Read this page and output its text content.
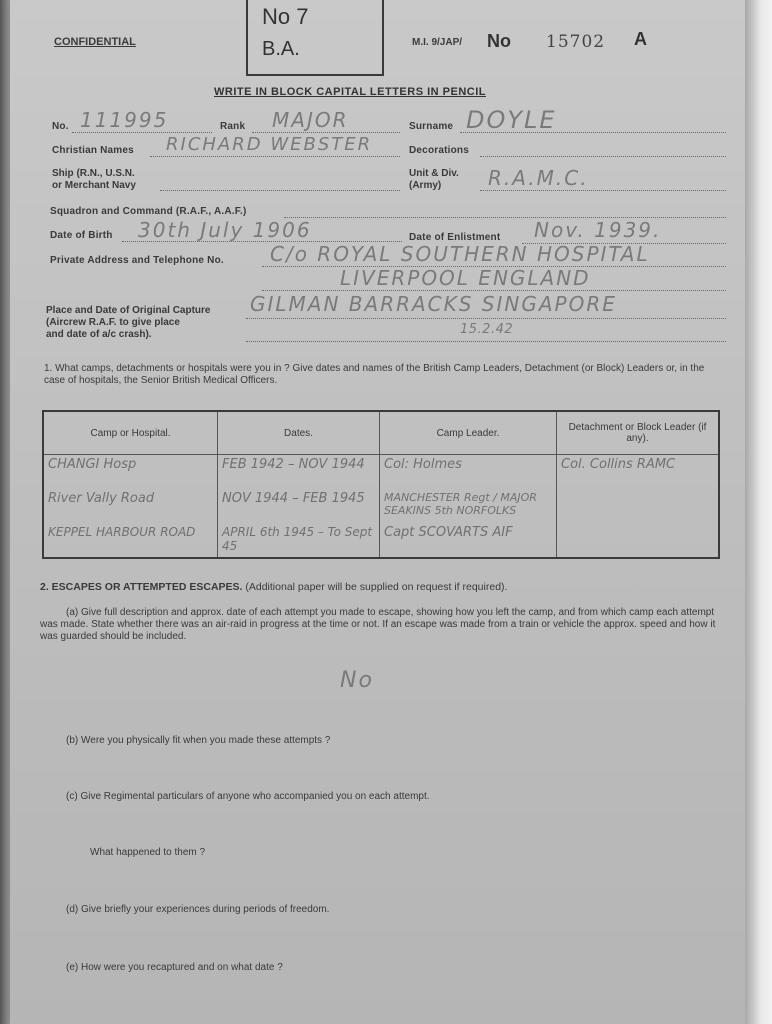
No 7
B.A.
CONFIDENTIAL	M.I. 9/JAP/ No 15702 A
WRITE IN BLOCK CAPITAL LETTERS IN PENCIL
No. 111995	Rank MAJOR	Surname DOYLE
Christian Names RICHARD WEBSTER	Decorations
Ship (R.N., U.S.N.
or Merchant Navy
Unit & Div.
(Army)	R.A.M.C.
Squadron and Command (R.A.F., A.A.F.)
Date of Birth 30th July 1906	Date of Enlistment Nov. 1939.
Private Address and Telephone No. C/o ROYAL SOUTHERN HOSPITAL
LIVERPOOL ENGLAND
Place and Date of Original Capture
(Aircrew R.A.F. to give place
and date of a/c crash).
GILMAN BARRACKS SINGAPORE
15.2.42
1. What camps, detachments or hospitals were you in ? Give dates and names of the British Camp Leaders, Detachment (or Block) Leaders or, in the case of hospitals, the Senior British Medical Officers.
Camp or Hospital.	Dates.	Camp Leader.	Detachment or Block Leader (if any).
CHANGI Hosp	FEB 1942 – NOV 1944	Col: Holmes	Col. Collins RAMC
River Vally Road	NOV 1944 – FEB 1945	MANCHESTER Regt / MAJOR SEAKINS 5th NORFOLKS	
KEPPEL HARBOUR ROAD	APRIL 6th 1945 – To Sept 45	Capt SCOVARTS AIF	
2. ESCAPES OR ATTEMPTED ESCAPES. (Additional paper will be supplied on request if required).
(a) Give full description and approx. date of each attempt you made to escape, showing how you left the camp, and from which camp each attempt was made. State whether there was an air-raid in progress at the time or not. If an escape was made from a train or vehicle the approx. speed and how it was guarded should be included.
No
(b) Were you physically fit when you made these attempts ?
(c) Give Regimental particulars of anyone who accompanied you on each attempt.
What happened to them ?
(d) Give briefly your experiences during periods of freedom.
(e) How were you recaptured and on what date ?
